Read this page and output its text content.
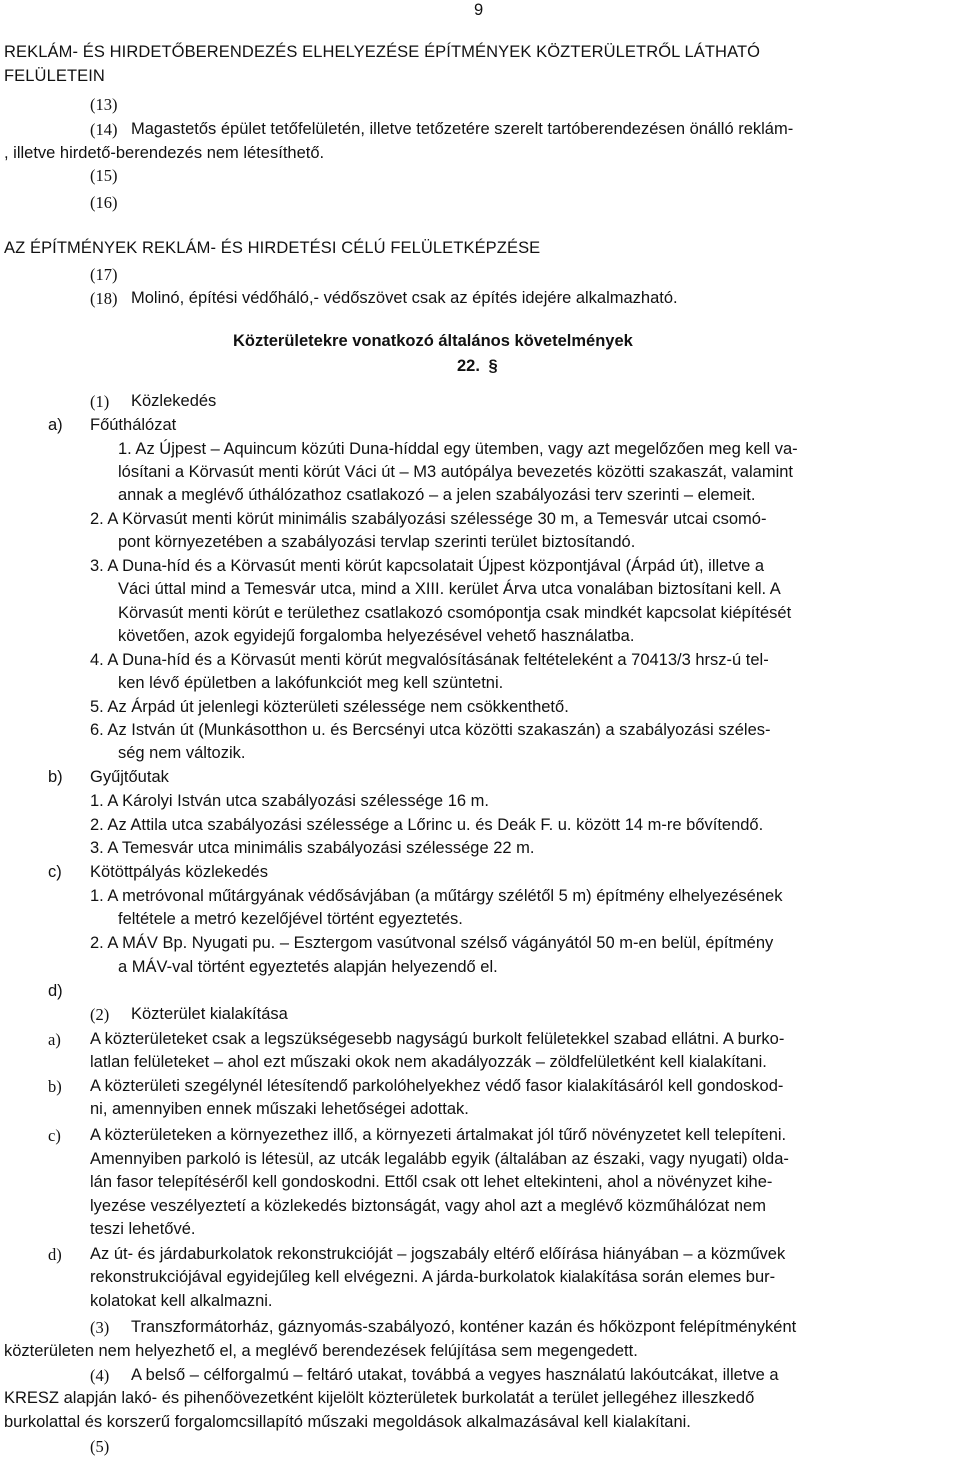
9
REKLÁM- ÉS HIRDETŐBERENDEZÉS ELHELYEZÉSE ÉPÍTMÉNYEK KÖZTERÜLETRŐL LÁTHATÓ
FELÜLETEIN
(13)
(14) Magastetős épület tetőfelületén, illetve tetőzetére szerelt tartóberendezésen önálló reklám-
, illetve hirdető-berendezés nem létesíthető.
(15)
(16)
AZ ÉPÍTMÉNYEK REKLÁM- ÉS HIRDETÉSI CÉLÚ FELÜLETKÉPZÉSE
(17)
(18) Molinó, építési védőháló,- védőszövet csak az építés idejére alkalmazható.
Közterületekre vonatkozó általános követelmények
22. §
(1) Közlekedés
a) Főúthálózat
1. Az Újpest – Aquincum közúti Duna-híddal egy ütemben, vagy azt megelőzően meg kell va-
lósítani a Körvasút menti körút Váci út – M3 autópálya bevezetés közötti szakaszát, valamint
annak a meglévő úthálózathoz csatlakozó – a jelen szabályozási terv szerinti – elemeit.
2. A Körvasút menti körút minimális szabályozási szélessége 30 m, a Temesvár utcai csomó-
pont környezetében a szabályozási tervlap szerinti terület biztosítandó.
3. A Duna-híd és a Körvasút menti körút kapcsolatait Újpest központjával (Árpád út), illetve a
Váci úttal mind a Temesvár utca, mind a XIII. kerület Árva utca vonalában biztosítani kell. A
Körvasút menti körút e területhez csatlakozó csomópontja csak mindkét kapcsolat kiépítését
követően, azok egyidejű forgalomba helyezésével vehető használatba.
4. A Duna-híd és a Körvasút menti körút megvalósításának feltételeként a 70413/3 hrsz-ú tel-
ken lévő épületben a lakófunkciót meg kell szüntetni.
5. Az Árpád út jelenlegi közterületi szélessége nem csökkenthető.
6. Az István út (Munkásotthon u. és Bercsényi utca közötti szakaszán) a szabályozási széles-
ség nem változik.
b) Gyűjtőutak
1. A Károlyi István utca szabályozási szélessége 16 m.
2. Az Attila utca szabályozási szélessége a Lőrinc u. és Deák F. u. között 14 m-re bővítendő.
3. A Temesvár utca minimális szabályozási szélessége 22 m.
c) Kötöttpályás közlekedés
1. A metróvonal műtárgyának védősávjában (a műtárgy szélétől 5 m) építmény elhelyezésének
feltétele a metró kezelőjével történt egyeztetés.
2. A MÁV Bp. Nyugati pu. – Esztergom vasútvonal szélső vágányától 50 m-en belül, építmény
a MÁV-val történt egyeztetés alapján helyezendő el.
d)
(2) Közterület kialakítása
a) A közterületeket csak a legszükségesebb nagyságú burkolt felületekkel szabad ellátni. A burko-
latlan felületeket – ahol ezt műszaki okok nem akadályozzák – zöldfelületként kell kialakítani.
b) A közterületi szegélynél létesítendő parkolóhelyekhez védő fasor kialakításáról kell gondoskod-
ni, amennyiben ennek műszaki lehetőségei adottak.
c) A közterületeken a környezethez illő, a környezeti ártalmakat jól tűrő növényzetet kell telepíteni.
Amennyiben parkoló is létesül, az utcák legalább egyik (általában az északi, vagy nyugati) olda-
lán fasor telepítéséről kell gondoskodni. Ettől csak ott lehet eltekinteni, ahol a növényzet kihe-
lyezése veszélyeztetí a közlekedés biztonságát, vagy ahol azt a meglévő közműhálózat nem
teszi lehetővé.
d) Az út- és járdaburkolatok rekonstrukcióját – jogszabály eltérő előírása hiányában – a közművek
rekonstrukciójával egyidejűleg kell elvégezni. A járda-burkolatok kialakítása során elemes bur-
kolatokat kell alkalmazni.
(3) Transzformátorház, gáznyomás-szabályozó, konténer kazán és hőközpont felépítményként
közterületen nem helyezhető el, a meglévő berendezések felújítása sem megengedett.
(4) A belső – célforgalmú – feltáró utakat, továbbá a vegyes használatú lakóutcákat, illetve a
KRESZ alapján lakó- és pihenőövezetként kijelölt közterületek burkolatát a terület jellegéhez illeszkedő
burkolattal és korszerű forgalomcsillapító műszaki megoldások alkalmazásával kell kialakítani.
(5)
